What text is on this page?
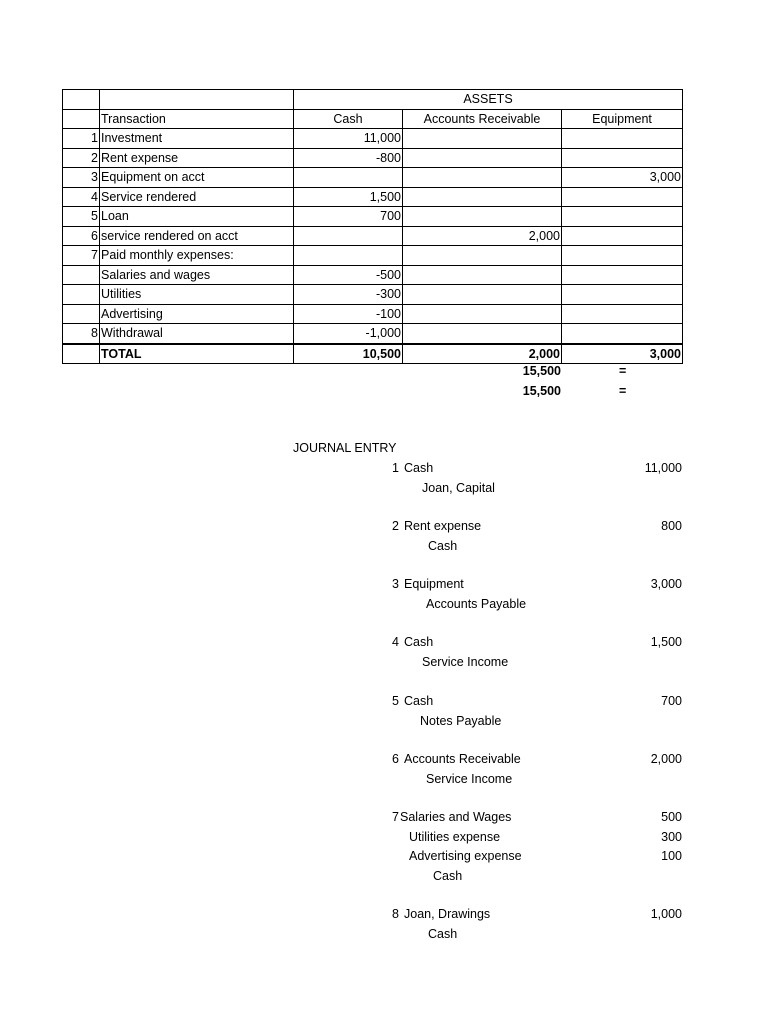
		ASSETS		
	Transaction	Cash	Accounts Receivable	Equipment
1	Investment	11,000		
2	Rent expense	-800		
3	Equipment on acct			3,000
4	Service rendered	1,500		
5	Loan	700		
6	service rendered on acct		2,000	
7	Paid monthly expenses:			
	Salaries and wages	-500		
	Utilities	-300		
	Advertising	-100		
8	Withdrawal	-1,000		
	TOTAL	10,500	2,000	3,000
15,500	=
15,500	=
JOURNAL ENTRY
1 Cash	11,000
Joan, Capital
2 Rent expense	800
Cash
3 Equipment	3,000
Accounts Payable
4 Cash	1,500
Service Income
5 Cash	700
Notes Payable
6 Accounts Receivable	2,000
Service Income
7 Salaries and Wages	500
Utilities expense	300
Advertising expense	100
Cash
8 Joan, Drawings	1,000
Cash
